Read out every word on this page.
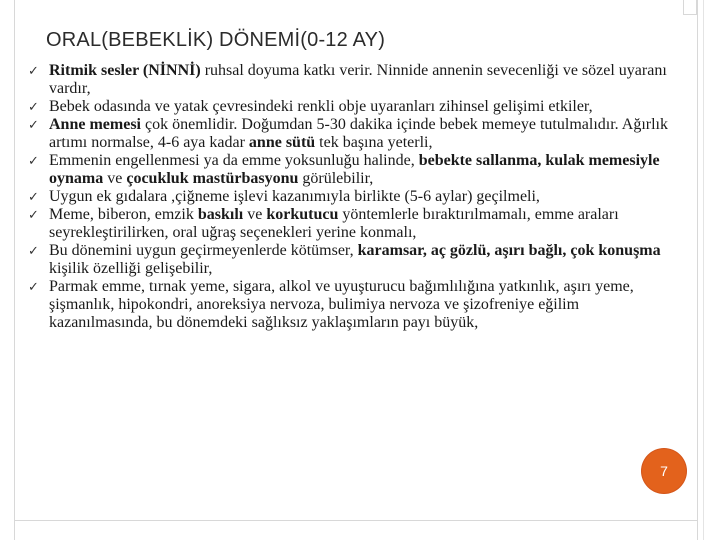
ORAL(BEBEKLİK) DÖNEMİ(0-12 AY)
✓ Ritmik sesler (NİNNİ) ruhsal doyuma katkı verir. Ninnide annenin sevecenliği ve sözel uyaranı vardır,
✓ Bebek odasında ve yatak çevresindeki renkli obje uyaranları zihinsel gelişimi etkiler,
✓ Anne memesi çok önemlidir. Doğumdan 5-30 dakika içinde bebek memeye tutulmalıdır. Ağırlık artımı normalse, 4-6 aya kadar anne sütü tek başına yeterli,
✓ Emmenin engellenmesi ya da emme yoksunluğu halinde, bebekte sallanma, kulak memesiyle oynama ve çocukluk mastürbasyonu görülebilir,
✓ Uygun ek gıdalara ,çiğneme işlevi kazanımıyla birlikte (5-6 aylar) geçilmeli,
✓ Meme, biberon, emzik baskılı ve korkutucu yöntemlerle bıraktırılmamalı, emme araları seyrekleştirilirken, oral uğraş seçenekleri yerine konmalı,
✓ Bu dönemini uygun geçirmeyenlerde kötümser, karamsar, aç gözlü, aşırı bağlı, çok konuşma kişilik özelliği gelişebilir,
✓ Parmak emme, tırnak yeme, sigara, alkol ve uyuşturucu bağımlılığına yatkınlık, aşırı yeme, şişmanlık, hipokondri, anoreksiya nervoza, bulimiya nervoza ve şizofreniye eğilim kazanılmasında, bu dönemdeki sağlıksız yaklaşımların payı büyük,
7
